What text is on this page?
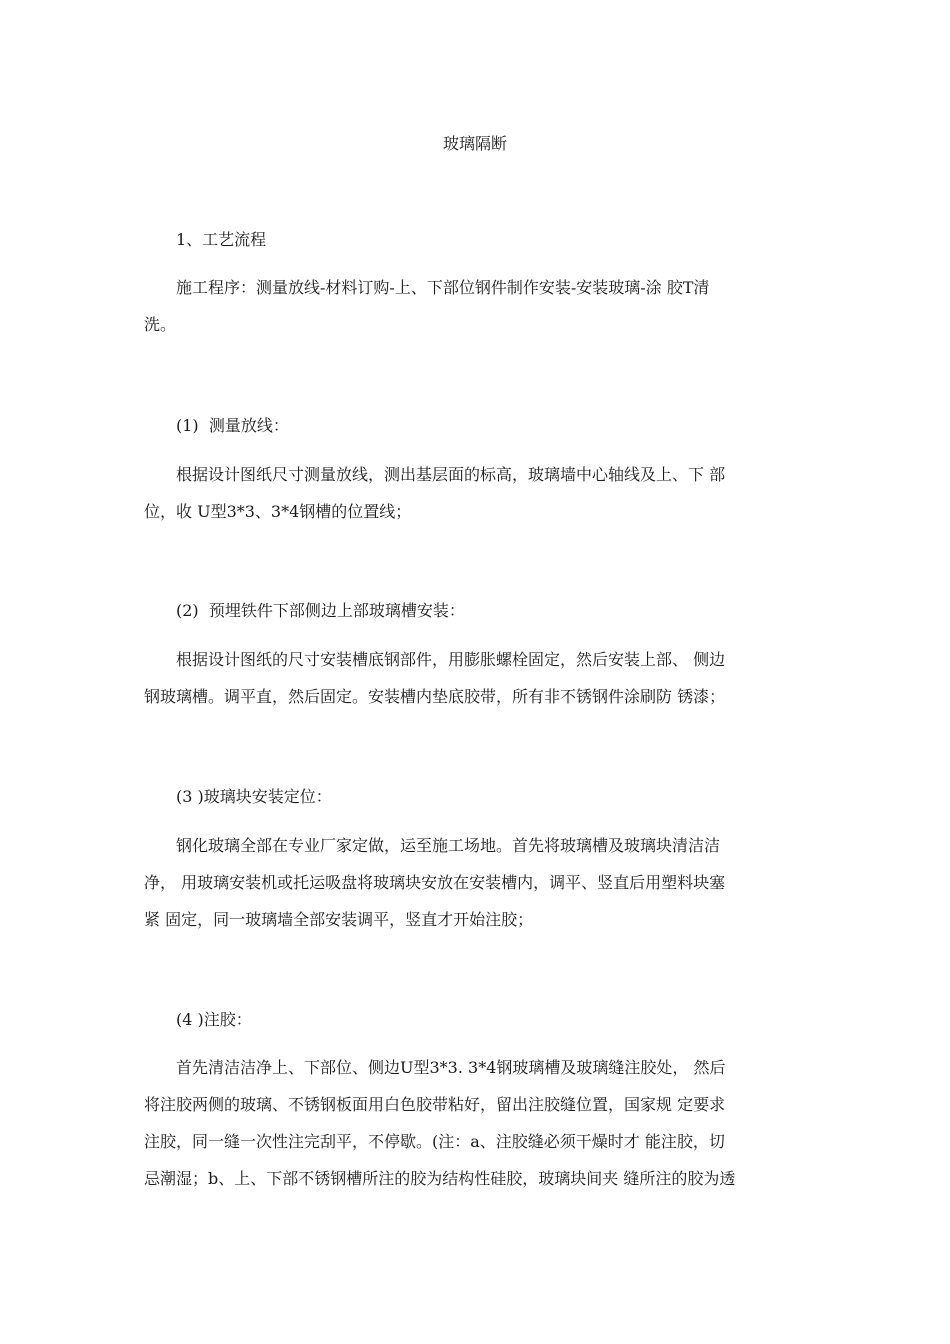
玻璃隔断
1、工艺流程
施工程序：测量放线-材料订购-上、下部位钢件制作安装-安装玻璃-涂 胶T清
洗。
(1)  测量放线：
根据设计图纸尺寸测量放线，测出基层面的标高，玻璃墙中心轴线及上、下 部
位，收 U型3*3、3*4钢槽的位置线；
(2)  预埋铁件下部侧边上部玻璃槽安装：
根据设计图纸的尺寸安装槽底钢部件，用膨胀螺栓固定，然后安装上部、 侧边
钢玻璃槽。调平直，然后固定。安装槽内垫底胶带，所有非不锈钢件涂刷防 锈漆；
(3 )玻璃块安装定位：
钢化玻璃全部在专业厂家定做，运至施工场地。首先将玻璃槽及玻璃块清洁洁
净， 用玻璃安装机或托运吸盘将玻璃块安放在安装槽内，调平、竖直后用塑料块塞
紧 固定，同一玻璃墙全部安装调平，竖直才开始注胶；
(4 )注胶：
首先清洁洁净上、下部位、侧边U型3*3. 3*4钢玻璃槽及玻璃缝注胶处， 然后
将注胶两侧的玻璃、不锈钢板面用白色胶带粘好，留出注胶缝位置，国家规 定要求
注胶，同一缝一次性注完刮平，不停歇。(注：a、注胶缝必须干燥时才 能注胶，切
忌潮湿；b、上、下部不锈钢槽所注的胶为结构性硅胶，玻璃块间夹 缝所注的胶为透
